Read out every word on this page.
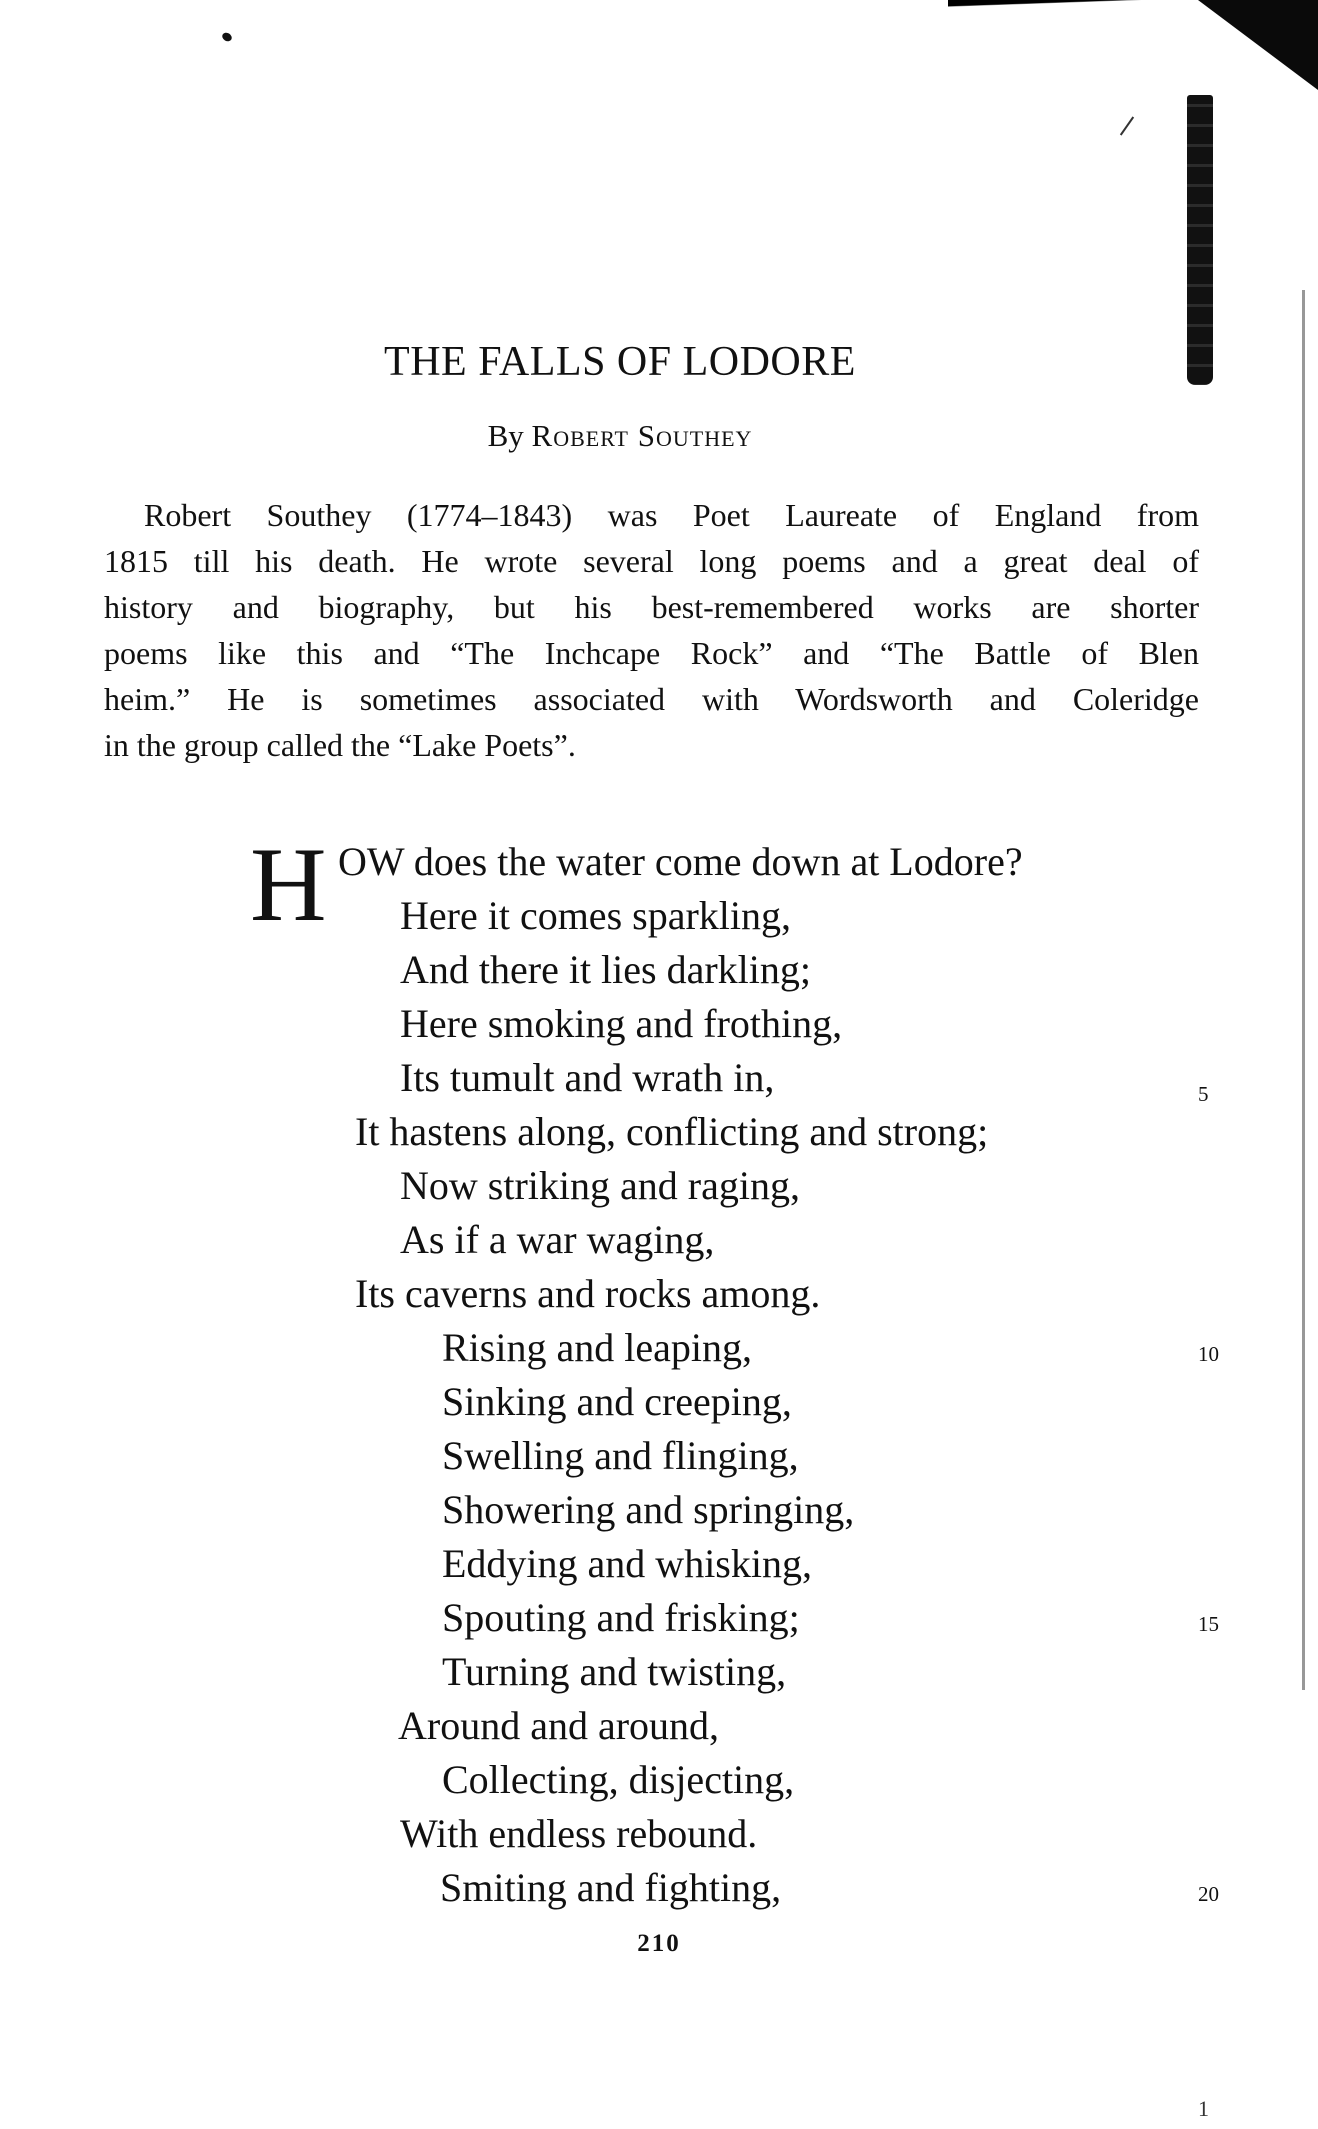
THE FALLS OF LODORE
By Robert Southey
Robert Southey (1774–1843) was Poet Laureate of England from
1815 till his death. He wrote several long poems and a great deal of
history and biography, but his best-remembered works are shorter
poems like this and “The Inchcape Rock” and “The Battle of Blen
heim.” He is sometimes associated with Wordsworth and Coleridge
in the group called the “Lake Poets”.
H OW does the water come down at Lodore?
Here it comes sparkling,
And there it lies darkling;
Here smoking and frothing,
Its tumult and wrath in,
It hastens along, conflicting and strong;
Now striking and raging,
As if a war waging,
Its caverns and rocks among.
Rising and leaping,
Sinking and creeping,
Swelling and flinging,
Showering and springing,
Eddying and whisking,
Spouting and frisking;
Turning and twisting,
Around and around,
Collecting, disjecting,
With endless rebound.
Smiting and fighting,
5
10
15
20
210
1
